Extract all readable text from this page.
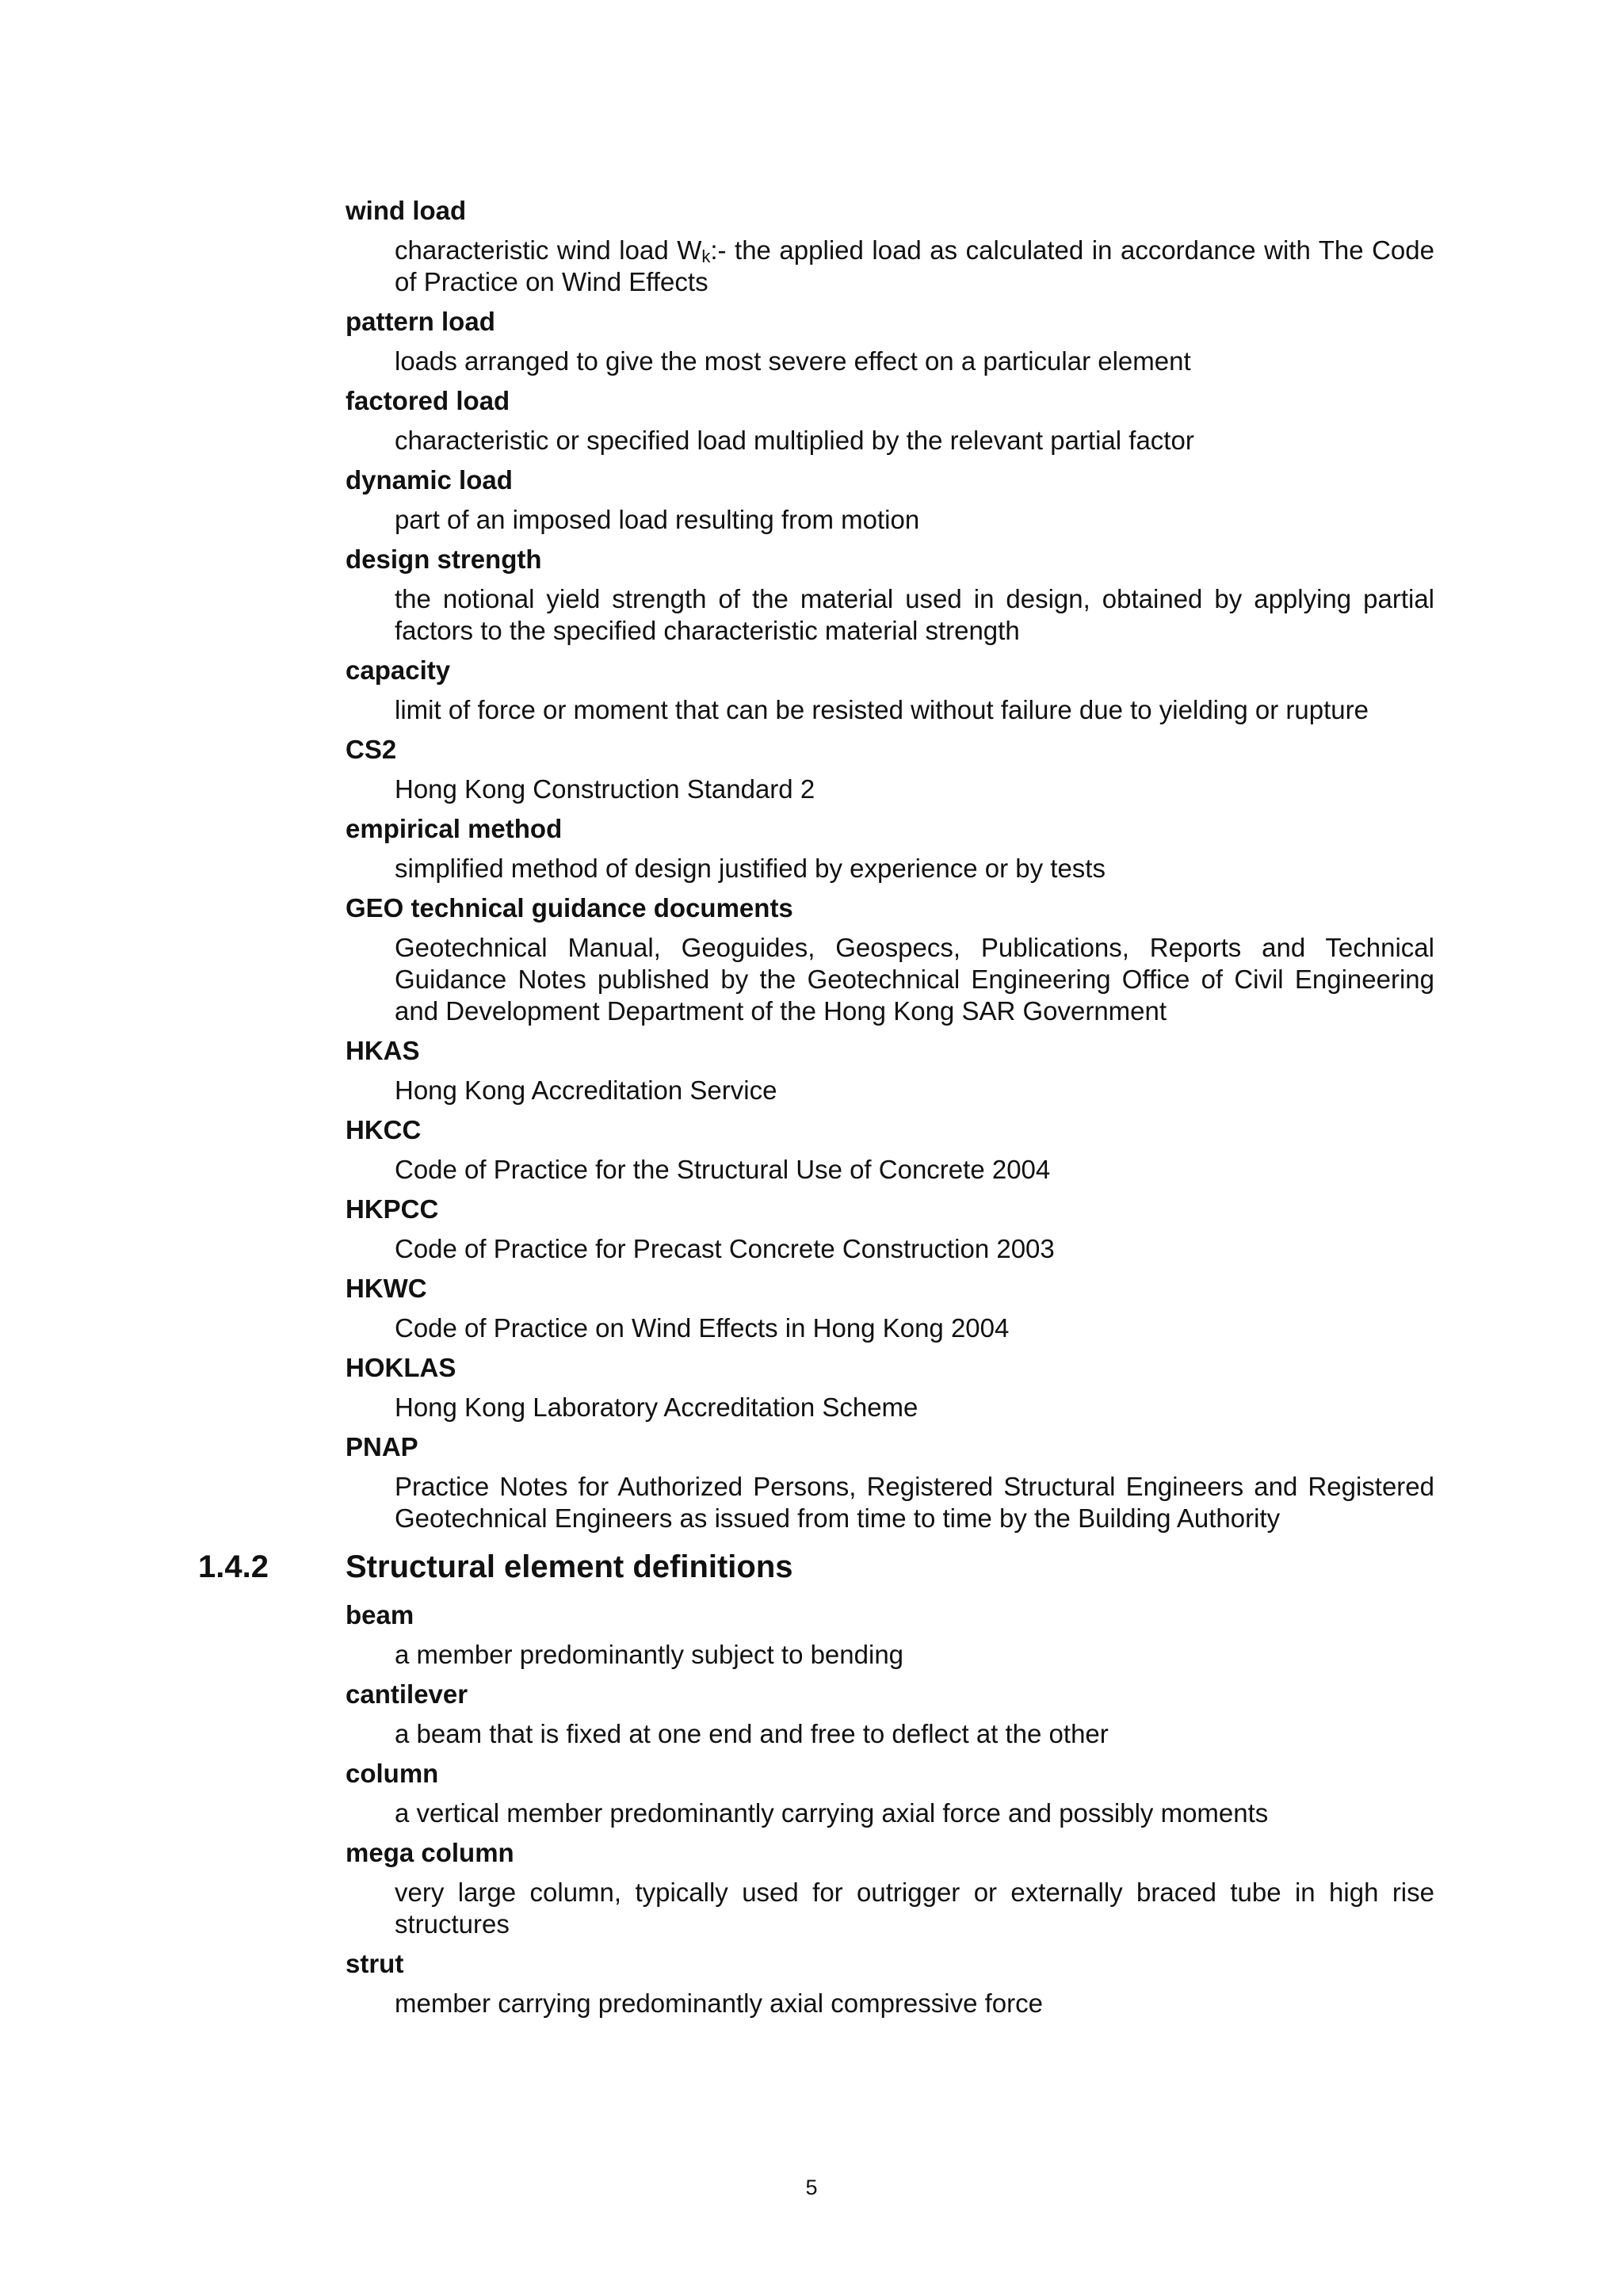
wind load

characteristic wind load $W_k:-$ the applied load as calculated in accordance with The Code of Practice on Wind Effects

pattern load

loads arranged to give the most severe effect on a particular element

factored load

characteristic or specified load multiplied by the relevant partial factor

dynamic load

part of an imposed load resulting from motion

design strength

the notional yield strength of the material used in design, obtained by applying partial factors to the specified characteristic material strength

capacity

limit of force or moment that can be resisted without failure due to yielding or rupture

CS2

Hong Kong Construction Standard 2

empirical method

simplified method of design justified by experience or by tests

GEO technical guidance documents

Geotechnical Manual, Geoguides, Geospecs, Publications, Reports and Technical Guidance Notes published by the Geotechnical Engineering Office of Civil Engineering and Development Department of the Hong Kong SAR Government

HKAS

Hong Kong Accreditation Service

HKCC

Code of Practice for the Structural Use of Concrete 2004

HKPCC

Code of Practice for Precast Concrete Construction 2003

HKWC

Code of Practice on Wind Effects in Hong Kong 2004

HOKLAS

Hong Kong Laboratory Accreditation Scheme

PNAP

Practice Notes for Authorized Persons, Registered Structural Engineers and Registered Geotechnical Engineers as issued from time to time by the Building Authority

1.4.2 Structural element definitions

beam

a member predominantly subject to bending

cantilever

a beam that is fixed at one end and free to deflect at the other

column

a vertical member predominantly carrying axial force and possibly moments

mega column

very large column, typically used for outrigger or externally braced tube in high rise structures

strut

member carrying predominantly axial compressive force

5
